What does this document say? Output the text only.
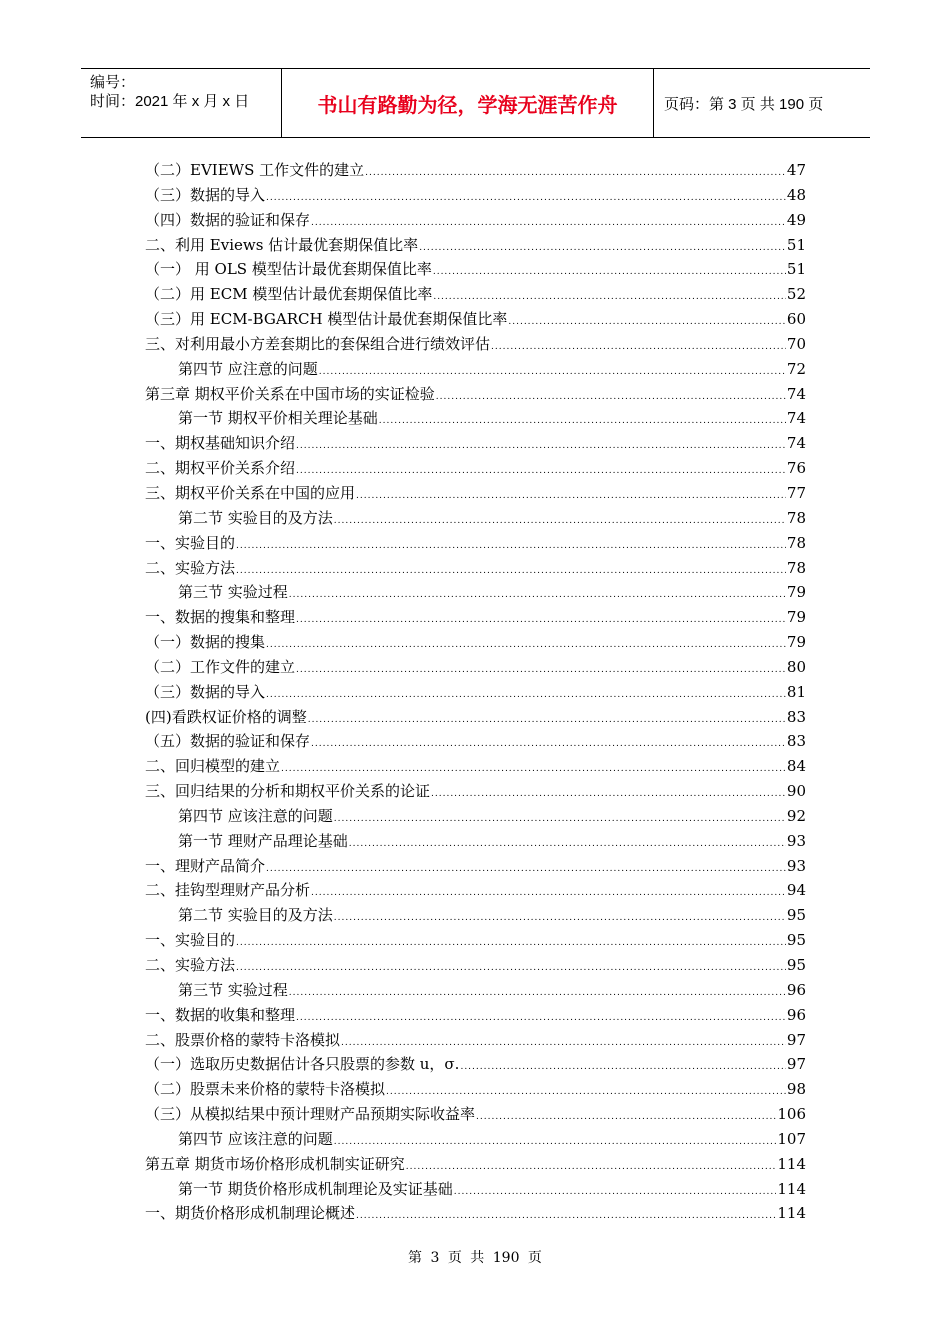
编号：
时间：2021 年 x 月 x 日	书山有路勤为径，学海无涯苦作舟	页码：第 3 页 共 190 页
（二）EVIEWS 工作文件的建立 .....	47
（三）数据的导入 .....	48
（四）数据的验证和保存 .....	49
二、利用 Eviews 估计最优套期保值比率 .....	51
（一） 用 OLS 模型估计最优套期保值比率 .....	51
（二）用 ECM 模型估计最优套期保值比率 .....	52
（三）用 ECM-BGARCH 模型估计最优套期保值比率 .....	60
三、对利用最小方差套期比的套保组合进行绩效评估 .....	70
第四节 应注意的问题 .....	72
第三章 期权平价关系在中国市场的实证检验 .....	74
第一节 期权平价相关理论基础 .....	74
一、期权基础知识介绍 .....	74
二、期权平价关系介绍 .....	76
三、期权平价关系在中国的应用 .....	77
第二节 实验目的及方法 .....	78
一、实验目的 .....	78
二、实验方法 .....	78
第三节 实验过程 .....	79
一、数据的搜集和整理 .....	79
（一）数据的搜集 .....	79
（二）工作文件的建立 .....	80
（三）数据的导入 .....	81
(四)看跌权证价格的调整 .....	83
（五）数据的验证和保存 .....	83
二、回归模型的建立 .....	84
三、回归结果的分析和期权平价关系的论证 .....	90
第四节 应该注意的问题 .....	92
第一节 理财产品理论基础 .....	93
一、理财产品简介 .....	93
二、挂钩型理财产品分析 .....	94
第二节 实验目的及方法 .....	95
一、实验目的 .....	95
二、实验方法 .....	95
第三节 实验过程 .....	96
一、数据的收集和整理 .....	96
二、股票价格的蒙特卡洛模拟 .....	97
（一）选取历史数据估计各只股票的参数 u，σ. .....	97
（二）股票未来价格的蒙特卡洛模拟 .....	98
（三）从模拟结果中预计理财产品预期实际收益率 .....	106
第四节 应该注意的问题 .....	107
第五章 期货市场价格形成机制实证研究 .....	114
第一节 期货价格形成机制理论及实证基础 .....	114
一、期货价格形成机制理论概述 .....	114
第 3 页 共 190 页
